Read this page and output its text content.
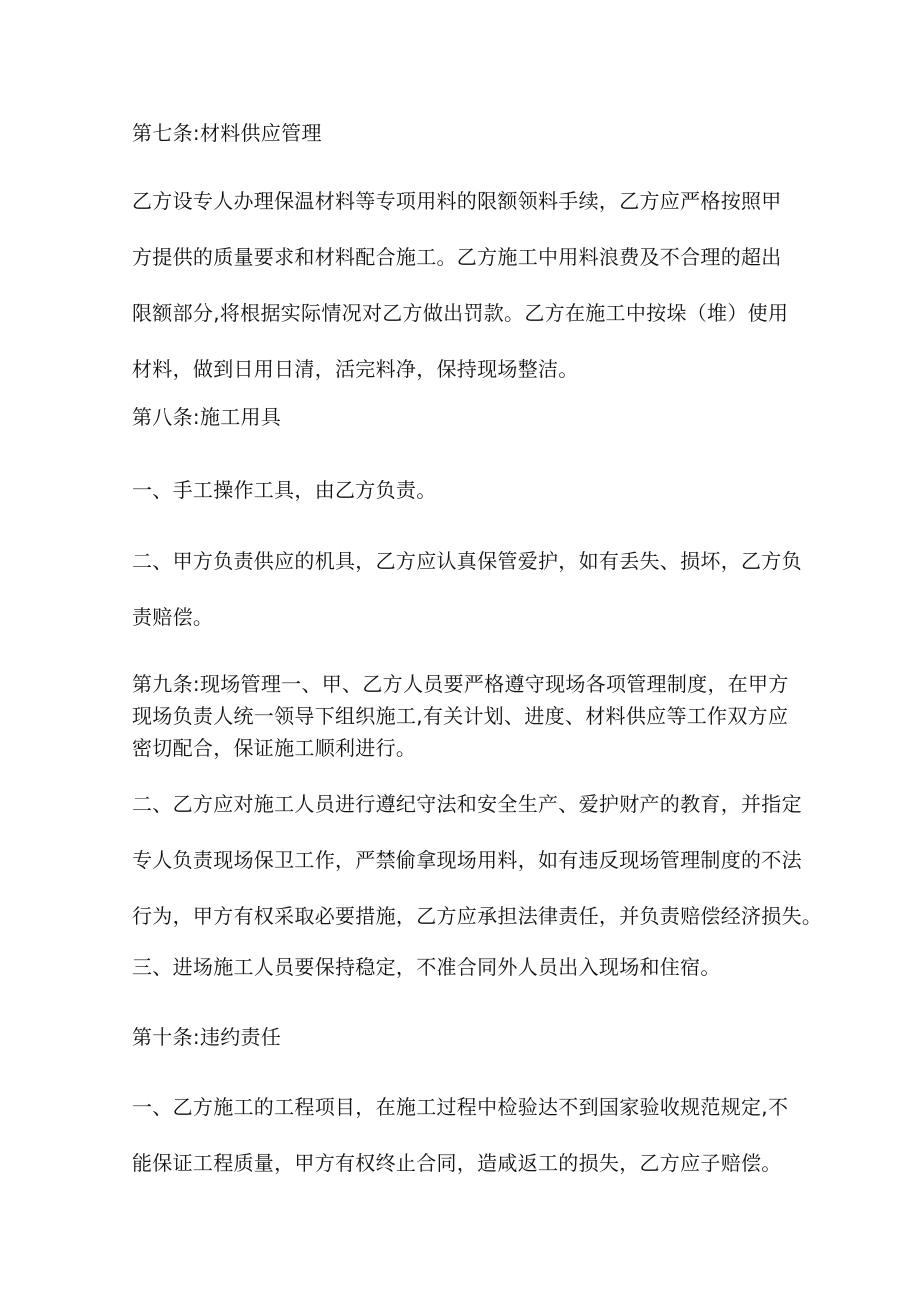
第七条:材料供应管理
乙方设专人办理保温材料等专项用料的限额领料手续，乙方应严格按照甲
方提供的质量要求和材料配合施工。乙方施工中用料浪费及不合理的超出
限额部分,将根据实际情况对乙方做出罚款。乙方在施工中按垛（堆）使用
材料，做到日用日清，活完料净，保持现场整洁。
第八条:施工用具
一、手工操作工具，由乙方负责。
二、甲方负责供应的机具，乙方应认真保管爱护，如有丢失、损坏，乙方负
责赔偿。
第九条:现场管理一、甲、乙方人员要严格遵守现场各项管理制度，在甲方
现场负责人统一领导下组织施工,有关计划、进度、材料供应等工作双方应
密切配合，保证施工顺利进行。
二、乙方应对施工人员进行遵纪守法和安全生产、爱护财产的教育，并指定
专人负责现场保卫工作，严禁偷拿现场用料，如有违反现场管理制度的不法
行为，甲方有权采取必要措施，乙方应承担法律责任，并负责赔偿经济损失。
三、进场施工人员要保持稳定，不准合同外人员出入现场和住宿。
第十条:违约责任
一、乙方施工的工程项目，在施工过程中检验达不到国家验收规范规定,不
能保证工程质量，甲方有权终止合同，造咸返工的损失，乙方应子赔偿。
